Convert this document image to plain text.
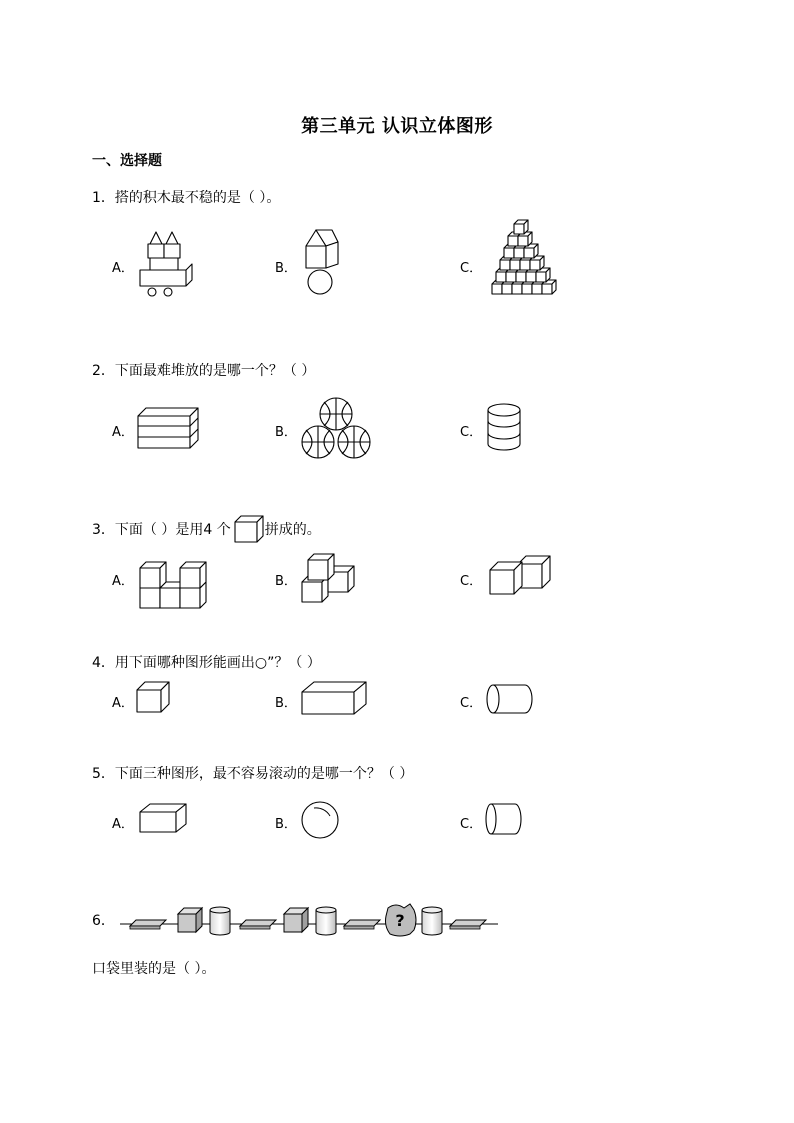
第三单元 认识立体图形
一、选择题
1．搭的积木最不稳的是（ ）。
A．	B．	C．
2．下面最难堆放的是哪一个？（ ）
A．	B．	C．
3．下面（ ）是用4 个 拼成的。
A．	B．	C．
4．用下面哪种图形能画出○”？（ ）
A．	B．	C．
5．下面三种图形，最不容易滚动的是哪一个？（ ）
A．	B．	C．
6．	?
口袋里装的是（ ）。
